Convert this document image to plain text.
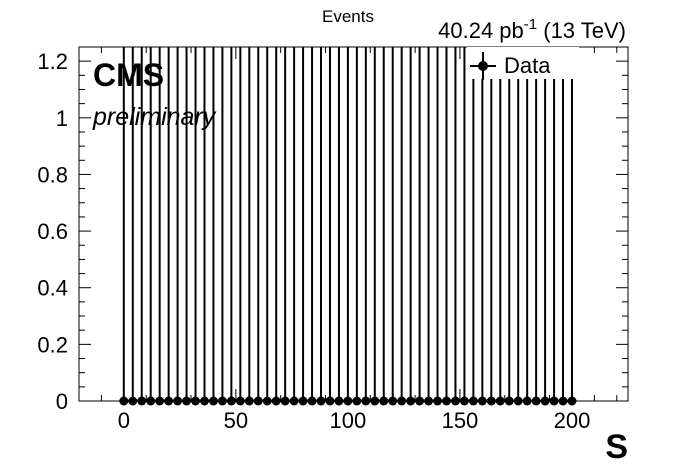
0	50	100	150	200
0
0.2
0.4
0.6
0.8
1
1.2
Events
40.24 $pb^{-1}$ (13 TeV)
CMS
preliminary
Data
S
